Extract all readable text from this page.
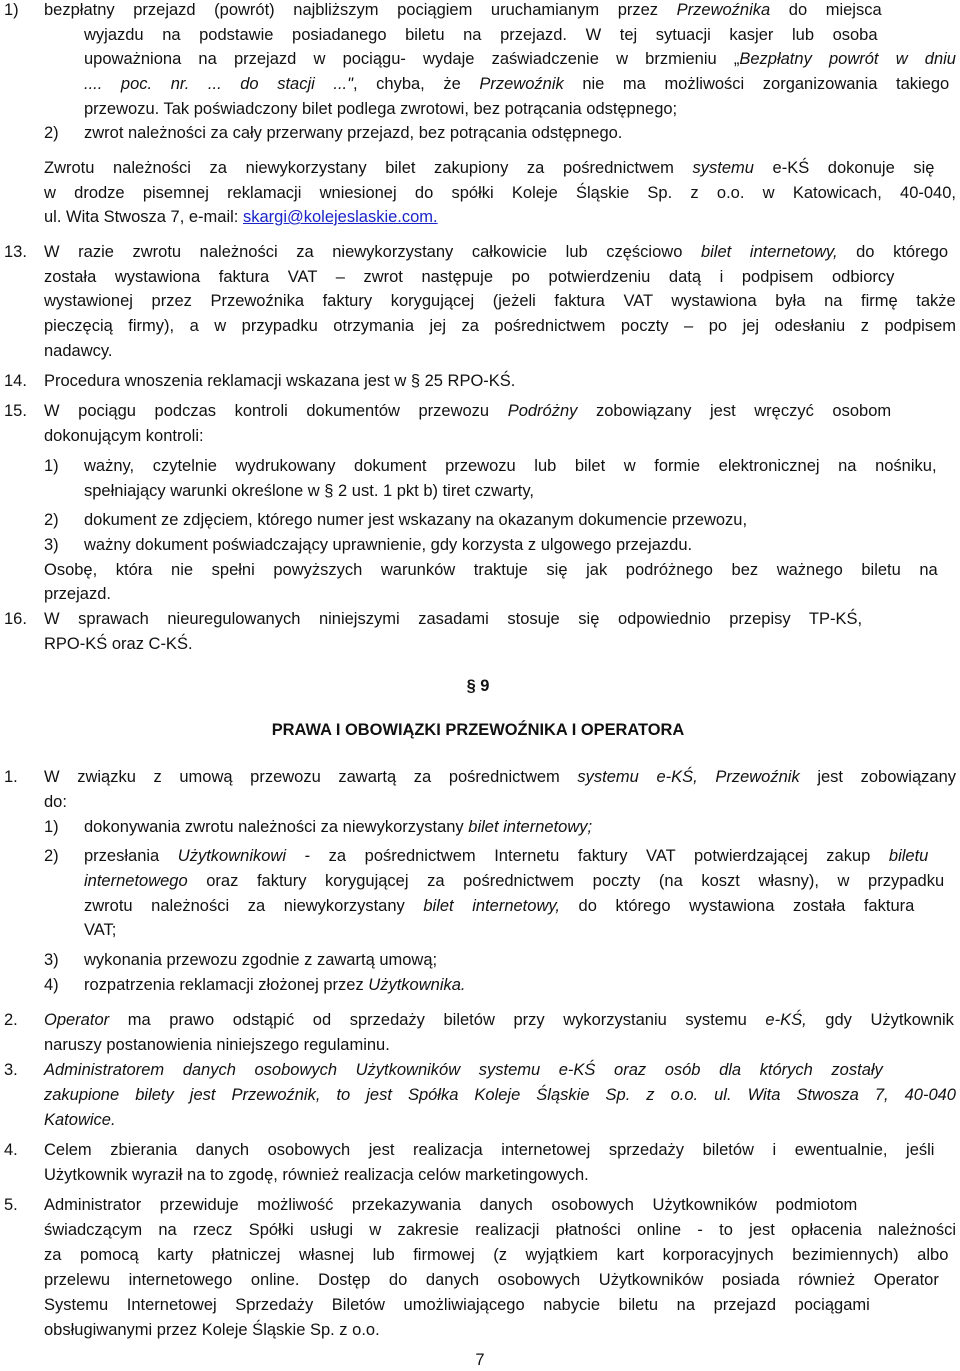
1) bezpłatny przejazd (powrót) najbliższym pociągiem uruchamianym przez Przewoźnika do miejsca
wyjazdu na podstawie posiadanego biletu na przejazd. W tej sytuacji kasjer lub osoba
upoważniona na przejazd w pociągu- wydaje zaświadczenie w brzmieniu „Bezpłatny powrót w dniu
.... poc. nr. ... do stacji ...", chyba, że Przewoźnik nie ma możliwości zorganizowania takiego
przewozu. Tak poświadczony bilet podlega zwrotowi, bez potrącania odstępnego;
2) zwrot należności za cały przerwany przejazd, bez potrącania odstępnego.
Zwrotu należności za niewykorzystany bilet zakupiony za pośrednictwem systemu e-KŚ dokonuje się
w drodze pisemnej reklamacji wniesionej do spółki Koleje Śląskie Sp. z o.o. w Katowicach, 40-040,
ul. Wita Stwosza 7, e-mail: skargi@kolejeslaskie.com.
13. W razie zwrotu należności za niewykorzystany całkowicie lub częściowo bilet internetowy, do którego
została wystawiona faktura VAT – zwrot następuje po potwierdzeniu datą i podpisem odbiorcy
wystawionej przez Przewoźnika faktury korygującej (jeżeli faktura VAT wystawiona była na firmę także
pieczęcią firmy), a w przypadku otrzymania jej za pośrednictwem poczty – po jej odesłaniu z podpisem
nadawcy.
14. Procedura wnoszenia reklamacji wskazana jest w § 25 RPO-KŚ.
15. W pociągu podczas kontroli dokumentów przewozu Podróżny zobowiązany jest wręczyć osobom
dokonującym kontroli:
1) ważny, czytelnie wydrukowany dokument przewozu lub bilet w formie elektronicznej na nośniku,
spełniający warunki określone w § 2 ust. 1 pkt b) tiret czwarty,
2) dokument ze zdjęciem, którego numer jest wskazany na okazanym dokumencie przewozu,
3) ważny dokument poświadczający uprawnienie, gdy korzysta z ulgowego przejazdu.
Osobę, która nie spełni powyższych warunków traktuje się jak podróżnego bez ważnego biletu na
przejazd.
16. W sprawach nieuregulowanych niniejszymi zasadami stosuje się odpowiednio przepisy TP-KŚ,
RPO-KŚ oraz C-KŚ.
§ 9
PRAWA I OBOWIĄZKI PRZEWOŹNIKA I OPERATORA
1. W związku z umową przewozu zawartą za pośrednictwem systemu e-KŚ, Przewoźnik jest zobowiązany
do:
1) dokonywania zwrotu należności za niewykorzystany bilet internetowy;
2) przesłania Użytkownikowi - za pośrednictwem Internetu faktury VAT potwierdzającej zakup biletu
internetowego oraz faktury korygującej za pośrednictwem poczty (na koszt własny), w przypadku
zwrotu należności za niewykorzystany bilet internetowy, do którego wystawiona została faktura
VAT;
3) wykonania przewozu zgodnie z zawartą umową;
4) rozpatrzenia reklamacji złożonej przez Użytkownika.
2. Operator ma prawo odstąpić od sprzedaży biletów przy wykorzystaniu systemu e-KŚ, gdy Użytkownik
naruszy postanowienia niniejszego regulaminu.
3. Administratorem danych osobowych Użytkowników systemu e-KŚ oraz osób dla których zostały
zakupione bilety jest Przewoźnik, to jest Spółka Koleje Śląskie Sp. z o.o. ul. Wita Stwosza 7, 40-040
Katowice.
4. Celem zbierania danych osobowych jest realizacja internetowej sprzedaży biletów i ewentualnie, jeśli
Użytkownik wyraził na to zgodę, również realizacja celów marketingowych.
5. Administrator przewiduje możliwość przekazywania danych osobowych Użytkowników podmiotom
świadczącym na rzecz Spółki usługi w zakresie realizacji płatności online - to jest opłacenia należności
za pomocą karty płatniczej własnej lub firmowej (z wyjątkiem kart korporacyjnych bezimiennych) albo
przelewu internetowego online. Dostęp do danych osobowych Użytkowników posiada również Operator
Systemu Internetowej Sprzedaży Biletów umożliwiającego nabycie biletu na przejazd pociągami
obsługiwanymi przez Koleje Śląskie Sp. z o.o.
7
